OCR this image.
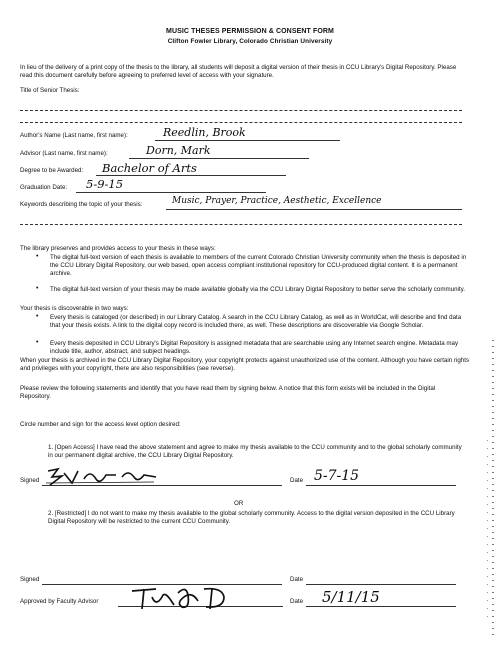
MUSIC THESES PERMISSION & CONSENT FORM
Clifton Fowler Library, Colorado Christian University
In lieu of the delivery of a print copy of the thesis to the library, all students will deposit a digital version of their thesis in CCU Library's Digital Repository. Please read this document carefully before agreeing to preferred level of access with your signature.
Title of Senior Thesis:
Author's Name (Last name, first name):	Reedlin, Brook
Advisor (Last name, first name):	Dorn, Mark
Degree to be Awarded: Bachelor of Arts
Graduation Date: 5-9-15
Keywords describing the topic of your thesis:	Music, Prayer, Practice, Aesthetic, Excellence
The library preserves and provides access to your thesis in these ways:
• The digital full-text version of each thesis is available to members of the current Colorado Christian University community when the thesis is deposited in the CCU Library Digital Repository, our web based, open access compliant institutional repository for CCU-produced digital content. It is a permanent archive.
• The digital full-text version of your thesis may be made available globally via the CCU Library Digital Repository to better serve the scholarly community.
Your thesis is discoverable in two ways:
• Every thesis is cataloged (or described) in our Library Catalog. A search in the CCU Library Catalog, as well as in WorldCat, will describe and find data that your thesis exists. A link to the digital copy record is included there, as well. These descriptions are discoverable via Google Scholar.
• Every thesis deposited in CCU Library's Digital Repository is assigned metadata that are searchable using any Internet search engine. Metadata may include title, author, abstract, and subject headings.
When your thesis is archived in the CCU Library Digital Repository, your copyright protects against unauthorized use of the content. Although you have certain rights and privileges with your copyright, there are also responsibilities (see reverse).
Please review the following statements and identify that you have read them by signing below. A notice that this form exists will be included in the Digital Repository.
Circle number and sign for the access level option desired:
1. [Open Access] I have read the above statement and agree to make my thesis available to the CCU community and to the global scholarly community in our permanent digital archive, the CCU Library Digital Repository.
Signed	Date 5-7-15
OR
2. [Restricted] I do not want to make my thesis available to the global scholarly community. Access to the digital version deposited in the CCU Library Digital Repository will be restricted to the current CCU Community.
Signed	Date
Approved by Faculty Advisor	Date 5/11/15
